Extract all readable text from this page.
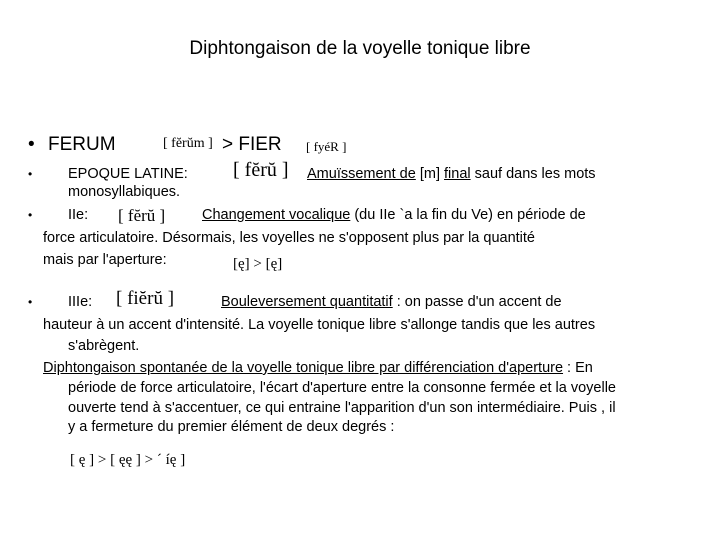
Diphtongaison de la voyelle tonique libre
• FERUM	[ fĕrŭm ] > FIER [ fyéR ]
• EPOQUE LATINE: [ fĕrŭ ] Amuïssement de [m] final sauf dans les mots
monosyllabiques.
• IIe: [ fĕrŭ ]	Changement vocalique (du IIe `a la fin du Ve) en période de
force articulatoire. Désormais, les voyelles ne s'opposent plus par la quantité
mais par l'aperture:	[ę] > [ę]
• IIIe: [ fiĕrŭ ]	Bouleversement quantitatif : on passe d'un accent de
hauteur à un accent d'intensité. La voyelle tonique libre s'allonge tandis que les autres
s'abrègent.
Diphtongaison spontanée de la voyelle tonique libre par différenciation d'aperture : En
période de force articulatoire, l'écart d'aperture entre la consonne fermée et la voyelle
ouverte tend à s'accentuer, ce qui entraine l'apparition d'un son intermédiaire. Puis , il
y a fermeture du premier élément de deux degrés :
[ ę ] > [ ęę ] > ´ íę ]
